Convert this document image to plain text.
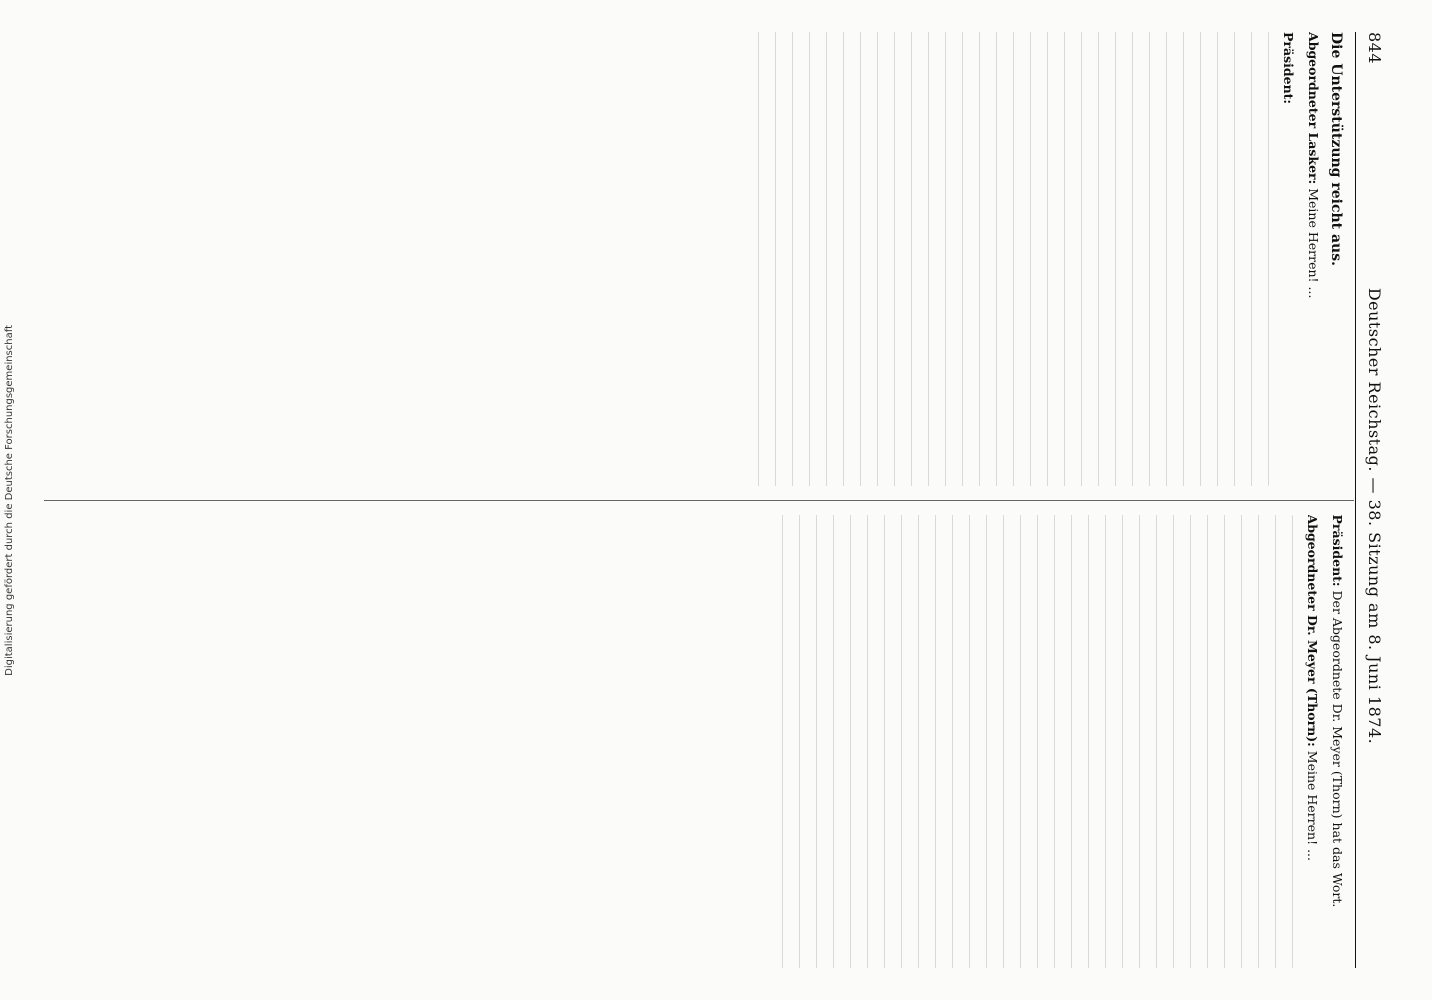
Digitalisierung gefördert durch die Deutsche Forschungsgemeinschaft
844
Deutscher Reichstag. — 38. Sitzung am 8. Juni 1874.

Die Unterstützung reicht aus.

Abgeordneter Lasker: Meine Herren! ...

Präsident:

Präsident: Der Abgeordnete Dr. Meyer (Thorn) hat das Wort.

Abgeordneter Dr. Meyer (Thorn): Meine Herren! ...
